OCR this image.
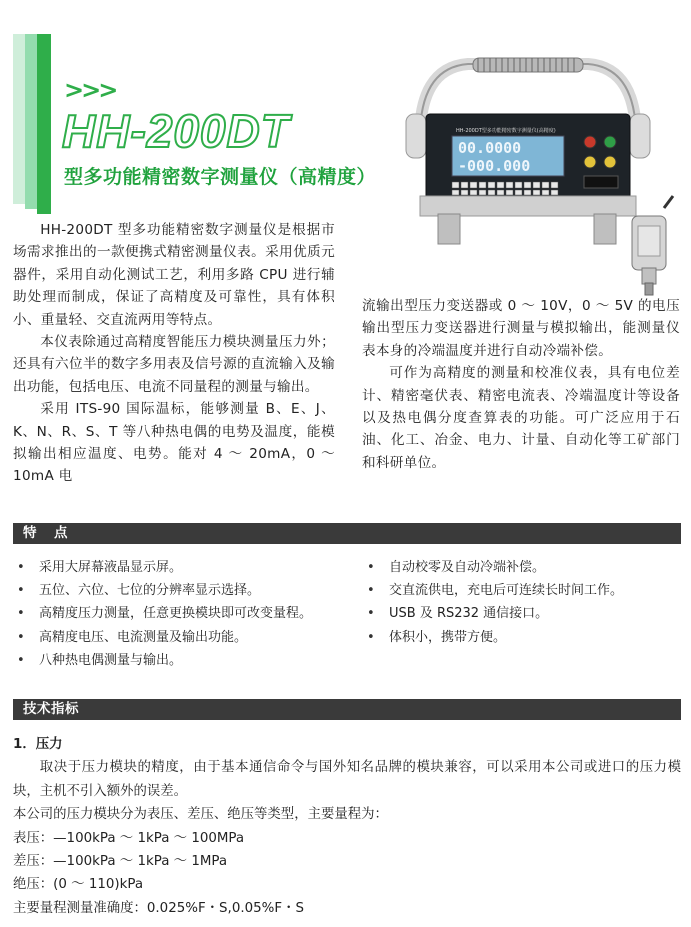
>>>
HH-200DT
型多功能精密数字测量仪（高精度）
HH-200DT型多功能精密数字测量仪(高精度)
00.0000
-000.000

HH-200DT 型多功能精密数字测量仪是根据市场需求推出的一款便携式精密测量仪表。采用优质元器件，采用自动化测试工艺，利用多路 CPU 进行辅助处理而制成，保证了高精度及可靠性，具有体积小、重量轻、交直流两用等特点。

本仪表除通过高精度智能压力模块测量压力外；还具有六位半的数字多用表及信号源的直流输入及输出功能，包括电压、电流不同量程的测量与输出。

采用 ITS-90 国际温标，能够测量 B、E、J、K、N、R、S、T 等八种热电偶的电势及温度，能模拟输出相应温度、电势。能对 4 ～ 20mA，0 ～ 10mA 电

流输出型压力变送器或 0 ～ 10V，0 ～ 5V 的电压输出型压力变送器进行测量与模拟输出，能测量仪表本身的冷端温度并进行自动冷端补偿。

可作为高精度的测量和校准仪表，具有电位差计、精密毫伏表、精密电流表、冷端温度计等设备以及热电偶分度查算表的功能。可广泛应用于石油、化工、冶金、电力、计量、自动化等工矿部门和科研单位。

特　点
• 采用大屏幕液晶显示屏。
• 五位、六位、七位的分辨率显示选择。
• 高精度压力测量，任意更换模块即可改变量程。
• 高精度电压、电流测量及输出功能。
• 八种热电偶测量与输出。
• 自动校零及自动冷端补偿。
• 交直流供电，充电后可连续长时间工作。
• USB 及 RS232 通信接口。
• 体积小，携带方便。
技术指标

1．压力

取决于压力模块的精度，由于基本通信命令与国外知名品牌的模块兼容，可以采用本公司或进口的压力模块，主机不引入额外的误差。

本公司的压力模块分为表压、差压、绝压等类型，主要量程为：

表压：—100kPa ～ 1kPa ～ 100MPa

差压：—100kPa ～ 1kPa ～ 1MPa

绝压：(0 ～ 110)kPa

主要量程测量准确度：0.025%F・S,0.05%F・S
